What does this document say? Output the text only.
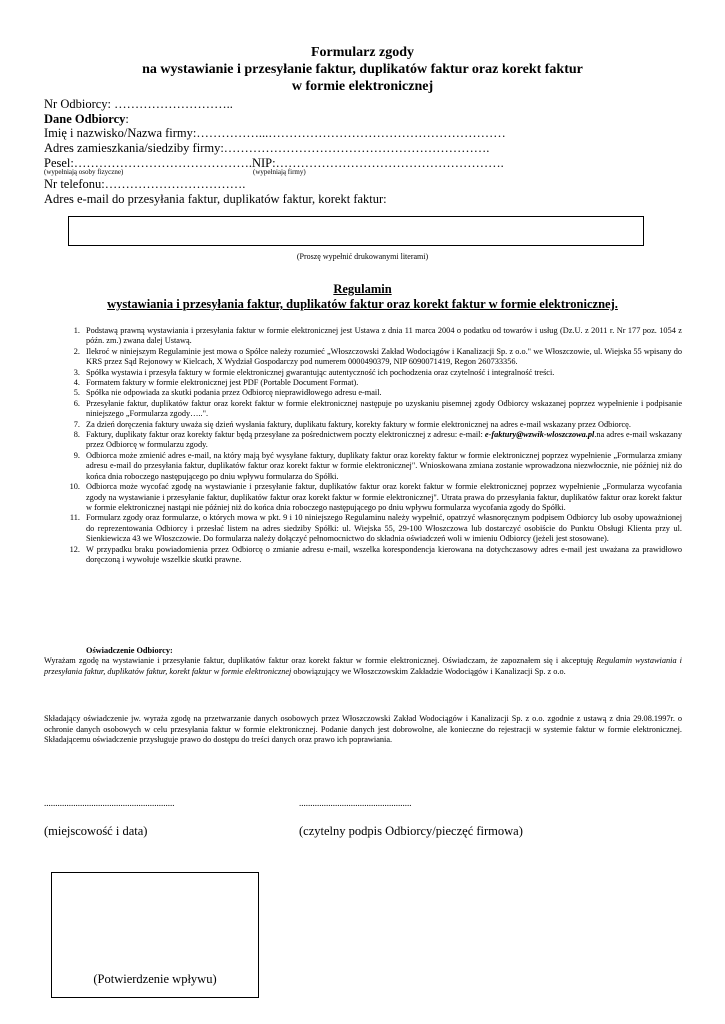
Formularz zgody
na wystawianie i przesyłanie faktur, duplikatów faktur oraz korekt faktur
w formie elektronicznej
Nr Odbiorcy: ………………………..
Dane Odbiorcy:
Imię i nazwisko/Nazwa firmy:……………...…………………………………………………
Adres zamieszkania/siedziby firmy:……………………………………………………….
Pesel:…………………………………….NIP:……………………………………………….
(wypełniają osoby fizyczne)	(wypełniają firmy)
Nr telefonu:…………………………….
Adres e-mail do przesyłania faktur, duplikatów faktur, korekt faktur:
(Proszę wypełnić drukowanymi literami)
Regulamin
wystawiania i przesyłania faktur, duplikatów faktur oraz korekt faktur w formie elektronicznej.
1. Podstawą prawną wystawiania i przesyłania faktur w formie elektronicznej jest Ustawa z dnia 11 marca 2004 o podatku od towarów i usług (Dz.U. z 2011 r. Nr 177 poz. 1054 z późn. zm.) zwana dalej Ustawą.
2. Ilekroć w niniejszym Regulaminie jest mowa o Spółce należy rozumieć „Włoszczowski Zakład Wodociągów i Kanalizacji Sp. z o.o." we Włoszczowie, ul. Wiejska 55 wpisany do KRS przez Sąd Rejonowy w Kielcach, X Wydział Gospodarczy pod numerem 0000490379, NIP 6090071419, Regon 260733356.
3. Spółka wystawia i przesyła faktury w formie elektronicznej gwarantując autentyczność ich pochodzenia oraz czytelność i integralność treści.
4. Formatem faktury w formie elektronicznej jest PDF (Portable Document Format).
5. Spółka nie odpowiada za skutki podania przez Odbiorcę nieprawidłowego adresu e-mail.
6. Przesyłanie faktur, duplikatów faktur oraz korekt faktur w formie elektronicznej następuje po uzyskaniu pisemnej zgody Odbiorcy wskazanej poprzez wypełnienie i podpisanie niniejszego „Formularza zgody…..".
7. Za dzień doręczenia faktury uważa się dzień wysłania faktury, duplikatu faktury, korekty faktury w formie elektronicznej na adres e-mail wskazany przez Odbiorcę.
8. Faktury, duplikaty faktur oraz korekty faktur będą przesyłane za pośrednictwem poczty elektronicznej z adresu: e-mail: e-faktury@wzwik-wloszczowa.pl.na adres e-mail wskazany przez Odbiorcę w formularzu zgody.
9. Odbiorca może zmienić adres e-mail, na który mają być wysyłane faktury, duplikaty faktur oraz korekty faktur w formie elektronicznej poprzez wypełnienie „Formularza zmiany adresu e-mail do przesyłania faktur, duplikatów faktur oraz korekt faktur w formie elektronicznej". Wnioskowana zmiana zostanie wprowadzona niezwłocznie, nie później niż do końca dnia roboczego następującego po dniu wpływu formularza do Spółki.
10. Odbiorca może wycofać zgodę na wystawianie i przesyłanie faktur, duplikatów faktur oraz korekt faktur w formie elektronicznej poprzez wypełnienie „Formularza wycofania zgody na wystawianie i przesyłanie faktur, duplikatów faktur oraz korekt faktur w formie elektronicznej". Utrata prawa do przesyłania faktur, duplikatów faktur oraz korekt faktur w formie elektronicznej nastąpi nie później niż do końca dnia roboczego następującego po dniu wpływu formularza wycofania zgody do Spółki.
11. Formularz zgody oraz formularze, o których mowa w pkt. 9 i 10 niniejszego Regulaminu należy wypełnić, opatrzyć własnoręcznym podpisem Odbiorcy lub osoby upoważnionej do reprezentowania Odbiorcy i przesłać listem na adres siedziby Spółki: ul. Wiejska 55, 29-100 Włoszczowa lub dostarczyć osobiście do Punktu Obsługi Klienta przy ul. Sienkiewicza 43 we Włoszczowie. Do formularza należy dołączyć pełnomocnictwo do składnia oświadczeń woli w imieniu Odbiorcy (jeżeli jest stosowane).
12. W przypadku braku powiadomienia przez Odbiorcę o zmianie adresu e-mail, wszelka korespondencja kierowana na dotychczasowy adres e-mail jest uważana za prawidłowo doręczoną i wywołuje wszelkie skutki prawne.
Oświadczenie Odbiorcy:
Wyrażam zgodę na wystawianie i przesyłanie faktur, duplikatów faktur oraz korekt faktur w formie elektronicznej. Oświadczam, że zapoznałem się i akceptuję Regulamin wystawiania i przesyłania faktur, duplikatów faktur, korekt faktur w formie elektronicznej obowiązujący we Włoszczowskim Zakładzie Wodociągów i Kanalizacji Sp. z o.o.
Składający oświadczenie jw. wyraża zgodę na przetwarzanie danych osobowych przez Włoszczowski Zakład Wodociągów i Kanalizacji Sp. z o.o. zgodnie z ustawą z dnia 29.08.1997r. o ochronie danych osobowych w celu przesyłania faktur w formie elektronicznej. Podanie danych jest dobrowolne, ale konieczne do rejestracji w systemie faktur w formie elektronicznej. Składającemu oświadczenie przysługuje prawo do dostępu do treści danych oraz prawo ich poprawiania.
..........................................................	..................................................
(miejscowość i data)	(czytelny podpis Odbiorcy/pieczęć firmowa)
(Potwierdzenie wpływu)
